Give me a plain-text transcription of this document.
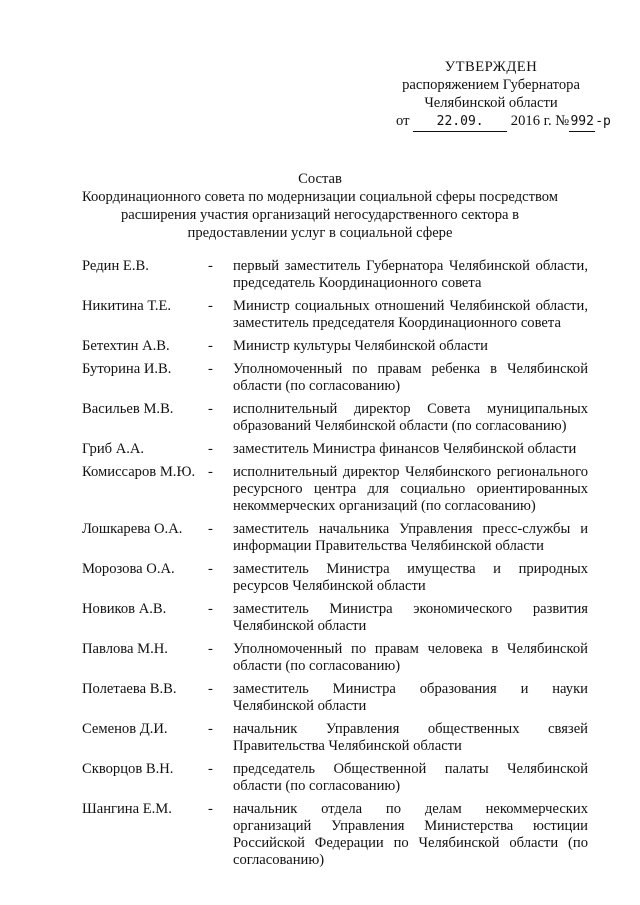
УТВЕРЖДЕН
распоряжением Губернатора
Челябинской области
от 22.09. 2016 г. №992-р
Состав
Координационного совета по модернизации социальной сферы посредством расширения участия организаций негосударственного сектора в предоставлении услуг в социальной сфере
Редин Е.В.	-	первый заместитель Губернатора Челябинской области, председатель Координационного совета
Никитина Т.Е.	-	Министр социальных отношений Челябинской области, заместитель председателя Координационного совета
Бетехтин А.В.	-	Министр культуры Челябинской области
Буторина И.В.	-	Уполномоченный по правам ребенка в Челябинской области (по согласованию)
Васильев М.В.	-	исполнительный директор Совета муниципальных образований Челябинской области (по согласованию)
Гриб А.А.	-	заместитель Министра финансов Челябинской области
Комиссаров М.Ю. -	исполнительный директор Челябинского регионального ресурсного центра для социально ориентированных некоммерческих организаций (по согласованию)
Лошкарева О.А.	-	заместитель начальника Управления пресс-службы и информации Правительства Челябинской области
Морозова О.А.	-	заместитель Министра имущества и природных ресурсов Челябинской области
Новиков А.В.	-	заместитель Министра экономического развития Челябинской области
Павлова М.Н.	-	Уполномоченный по правам человека в Челябинской области (по согласованию)
Полетаева В.В.	-	заместитель Министра образования и науки Челябинской области
Семенов Д.И.	-	начальник Управления общественных связей Правительства Челябинской области
Скворцов В.Н.	-	председатель Общественной палаты Челябинской области (по согласованию)
Шангина Е.М.	-	начальник отдела по делам некоммерческих организаций Управления Министерства юстиции Российской Федерации по Челябинской области (по согласованию)
